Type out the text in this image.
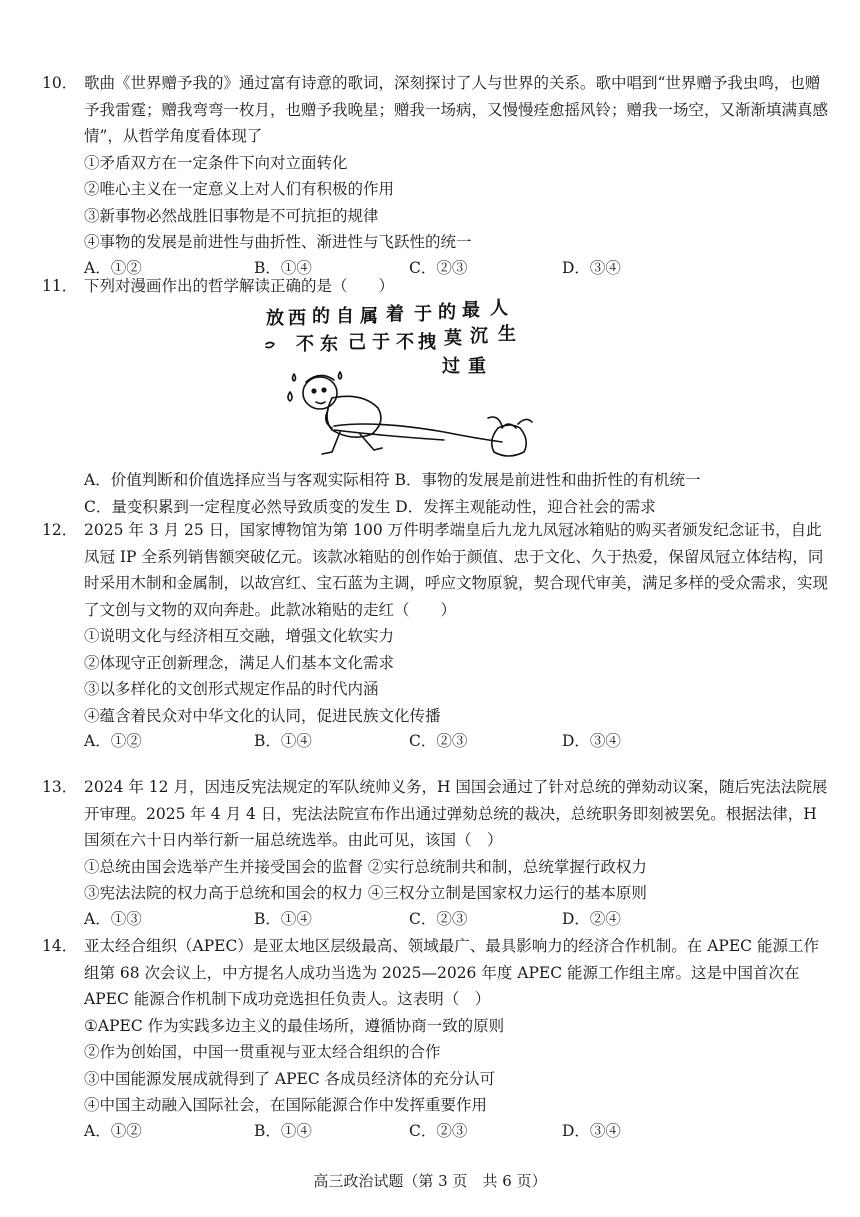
10． 歌曲《世界赠予我的》通过富有诗意的歌词，深刻探讨了人与世界的关系。歌中唱到“世界赠予我虫鸣，也赠予我雷霆；赠我弯弯一枚月，也赠予我晚星；赠我一场病，又慢慢痊愈摇风铃；赠我一场空，又渐渐填满真感情”，从哲学角度看体现了
①矛盾双方在一定条件下向对立面转化
②唯心主义在一定意义上对人们有积极的作用
③新事物必然战胜旧事物是不可抗拒的规律
④事物的发展是前进性与曲折性、渐进性与飞跃性的统一
A．①②	B．①④	C．②③	D．③④
11． 下列对漫画作出的哲学解读正确的是（　　）
放 西 的 自 属 着 于 的 最 人
不 东 己 于 不 拽 莫 沉 生
过 重
A．价值判断和价值选择应当与客观实际相符 B．事物的发展是前进性和曲折性的有机统一
C．量变积累到一定程度必然导致质变的发生 D．发挥主观能动性，迎合社会的需求
12． 2025 年 3 月 25 日，国家博物馆为第 100 万件明孝端皇后九龙九凤冠冰箱贴的购买者颁发纪念证书，自此凤冠 IP 全系列销售额突破亿元。该款冰箱贴的创作始于颜值、忠于文化、久于热爱，保留凤冠立体结构，同时采用木制和金属制，以故宫红、宝石蓝为主调，呼应文物原貌，契合现代审美，满足多样的受众需求，实现了文创与文物的双向奔赴。此款冰箱贴的走红（　　）
①说明文化与经济相互交融，增强文化软实力
②体现守正创新理念，满足人们基本文化需求
③以多样化的文创形式规定作品的时代内涵
④蕴含着民众对中华文化的认同，促进民族文化传播
A．①②	B．①④	C．②③	D．③④
13． 2024 年 12 月，因违反宪法规定的军队统帅义务，H 国国会通过了针对总统的弹劾动议案，随后宪法法院展开审理。2025 年 4 月 4 日，宪法法院宣布作出通过弹劾总统的裁决，总统职务即刻被罢免。根据法律，H 国须在六十日内举行新一届总统选举。由此可见，该国（　）
①总统由国会选举产生并接受国会的监督 ②实行总统制共和制，总统掌握行政权力
③宪法法院的权力高于总统和国会的权力 ④三权分立制是国家权力运行的基本原则
A．①③	B．①④	C．②③	D．②④
14． 亚太经合组织（APEC）是亚太地区层级最高、领域最广、最具影响力的经济合作机制。在 APEC 能源工作组第 68 次会议上，中方提名人成功当选为 2025—2026 年度 APEC 能源工作组主席。这是中国首次在 APEC 能源合作机制下成功竞选担任负责人。这表明（　）
①APEC 作为实践多边主义的最佳场所，遵循协商一致的原则
②作为创始国，中国一贯重视与亚太经合组织的合作
③中国能源发展成就得到了 APEC 各成员经济体的充分认可
④中国主动融入国际社会，在国际能源合作中发挥重要作用
A．①②	B．①④	C．②③	D．③④
高三政治试题（第 3 页　共 6 页）
